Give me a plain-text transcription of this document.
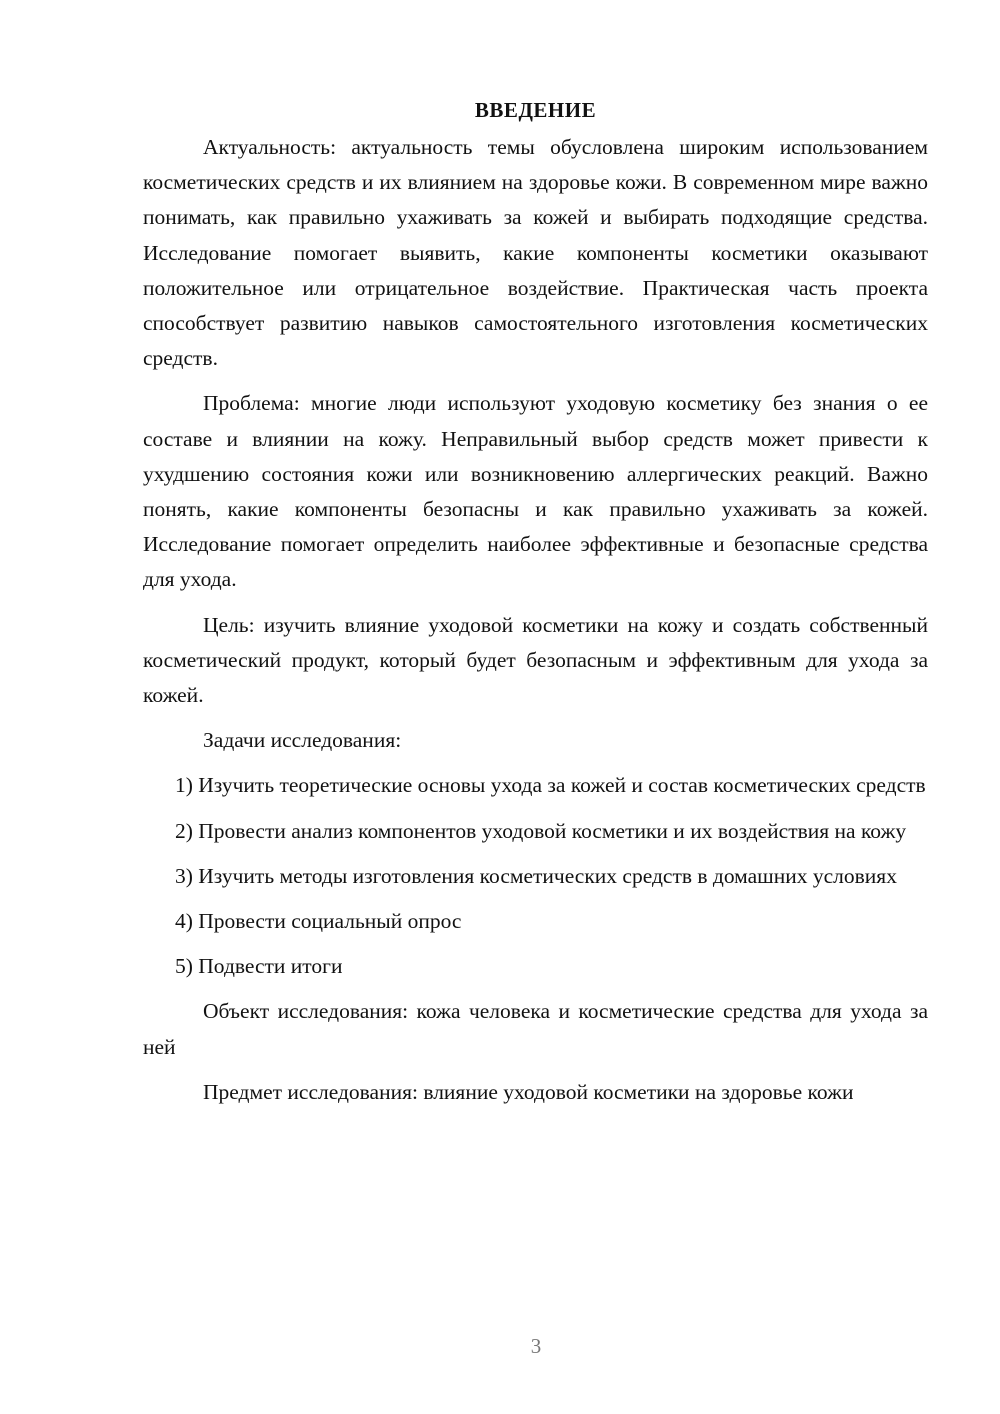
ВВЕДЕНИЕ

Актуальность: актуальность темы обусловлена широким использованием косметических средств и их влиянием на здоровье кожи. В современном мире важно понимать, как правильно ухаживать за кожей и выбирать подходящие средства. Исследование помогает выявить, какие компоненты косметики оказывают положительное или отрицательное воздействие. Практическая часть проекта способствует развитию навыков самостоятельного изготовления косметических средств.

Проблема: многие люди используют уходовую косметику без знания о ее составе и влиянии на кожу. Неправильный выбор средств может привести к ухудшению состояния кожи или возникновению аллергических реакций. Важно понять, какие компоненты безопасны и как правильно ухаживать за кожей. Исследование помогает определить наиболее эффективные и безопасные средства для ухода.

Цель: изучить влияние уходовой косметики на кожу и создать собственный косметический продукт, который будет безопасным и эффективным для ухода за кожей.

Задачи исследования:

1) Изучить теоретические основы ухода за кожей и состав косметических средств

2) Провести анализ компонентов уходовой косметики и их воздействия на кожу

3) Изучить методы изготовления косметических средств в домашних условиях

4) Провести социальный опрос

5) Подвести итоги

Объект исследования: кожа человека и косметические средства для ухода за ней

Предмет исследования: влияние уходовой косметики на здоровье кожи

3
